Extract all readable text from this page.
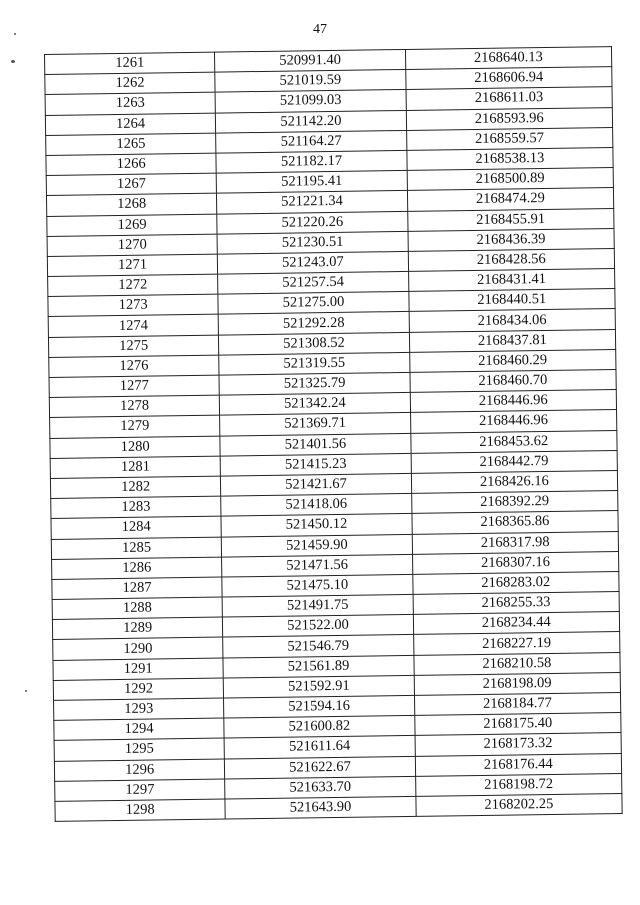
47
1261	520991.40	2168640.13
1262	521019.59	2168606.94
1263	521099.03	2168611.03
1264	521142.20	2168593.96
1265	521164.27	2168559.57
1266	521182.17	2168538.13
1267	521195.41	2168500.89
1268	521221.34	2168474.29
1269	521220.26	2168455.91
1270	521230.51	2168436.39
1271	521243.07	2168428.56
1272	521257.54	2168431.41
1273	521275.00	2168440.51
1274	521292.28	2168434.06
1275	521308.52	2168437.81
1276	521319.55	2168460.29
1277	521325.79	2168460.70
1278	521342.24	2168446.96
1279	521369.71	2168446.96
1280	521401.56	2168453.62
1281	521415.23	2168442.79
1282	521421.67	2168426.16
1283	521418.06	2168392.29
1284	521450.12	2168365.86
1285	521459.90	2168317.98
1286	521471.56	2168307.16
1287	521475.10	2168283.02
1288	521491.75	2168255.33
1289	521522.00	2168234.44
1290	521546.79	2168227.19
1291	521561.89	2168210.58
1292	521592.91	2168198.09
1293	521594.16	2168184.77
1294	521600.82	2168175.40
1295	521611.64	2168173.32
1296	521622.67	2168176.44
1297	521633.70	2168198.72
1298	521643.90	2168202.25
